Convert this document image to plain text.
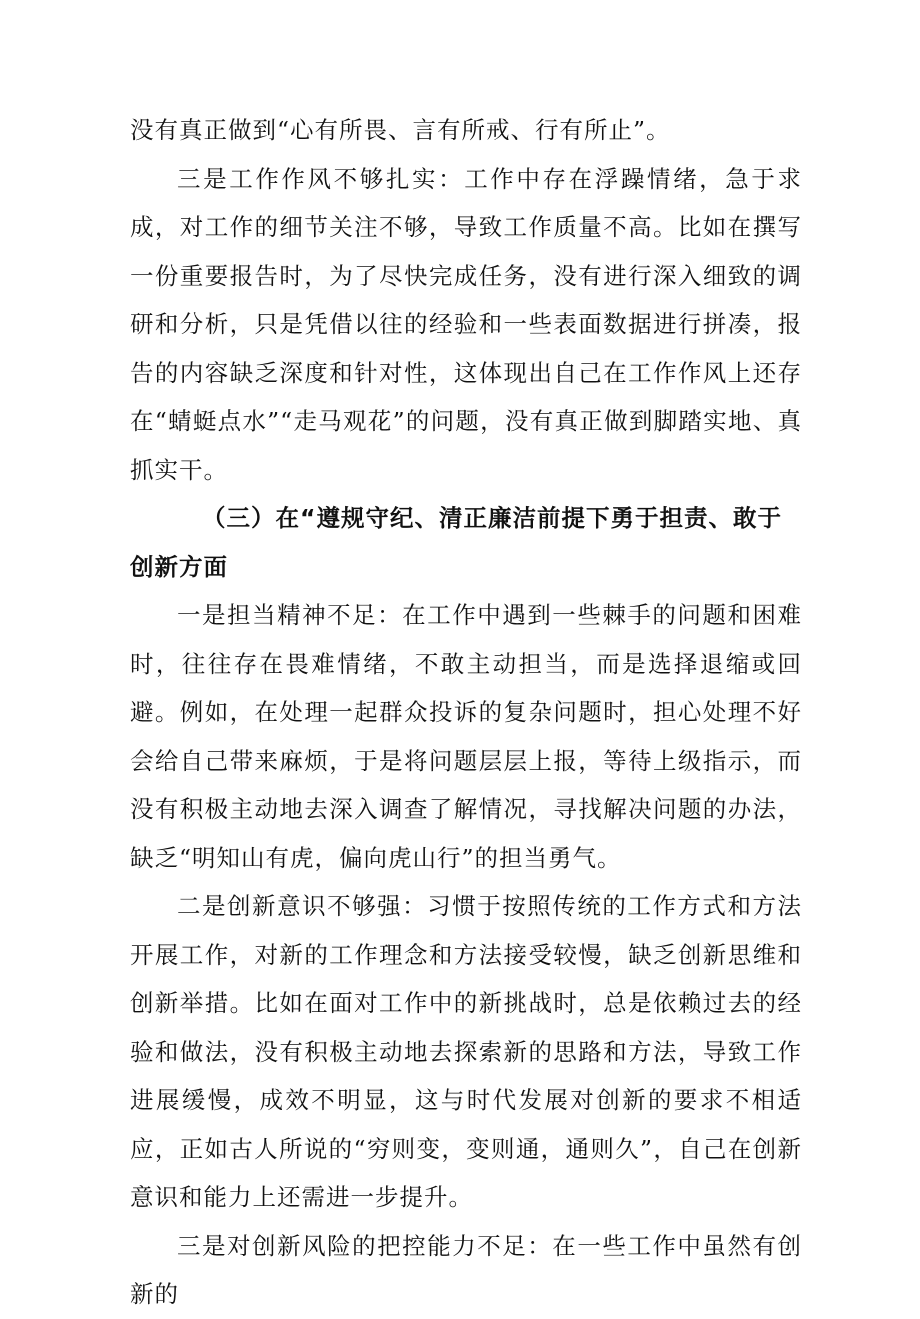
没有真正做到“心有所畏、言有所戒、行有所止”。

三是工作作风不够扎实：工作中存在浮躁情绪，急于求成，对工作的细节关注不够，导致工作质量不高。比如在撰写一份重要报告时，为了尽快完成任务，没有进行深入细致的调研和分析，只是凭借以往的经验和一些表面数据进行拼凑，报告的内容缺乏深度和针对性，这体现出自己在工作作风上还存在“蜻蜓点水”“走马观花”的问题，没有真正做到脚踏实地、真抓实干。

（三）在“遵规守纪、清正廉洁前提下勇于担责、敢于创新方面

一是担当精神不足：在工作中遇到一些棘手的问题和困难时，往往存在畏难情绪，不敢主动担当，而是选择退缩或回避。例如，在处理一起群众投诉的复杂问题时，担心处理不好会给自己带来麻烦，于是将问题层层上报，等待上级指示，而没有积极主动地去深入调查了解情况，寻找解决问题的办法，缺乏“明知山有虎，偏向虎山行”的担当勇气。

二是创新意识不够强：习惯于按照传统的工作方式和方法开展工作，对新的工作理念和方法接受较慢，缺乏创新思维和创新举措。比如在面对工作中的新挑战时，总是依赖过去的经验和做法，没有积极主动地去探索新的思路和方法，导致工作进展缓慢，成效不明显，这与时代发展对创新的要求不相适应，正如古人所说的“穷则变，变则通，通则久”，自己在创新意识和能力上还需进一步提升。

三是对创新风险的把控能力不足：在一些工作中虽然有创新的
